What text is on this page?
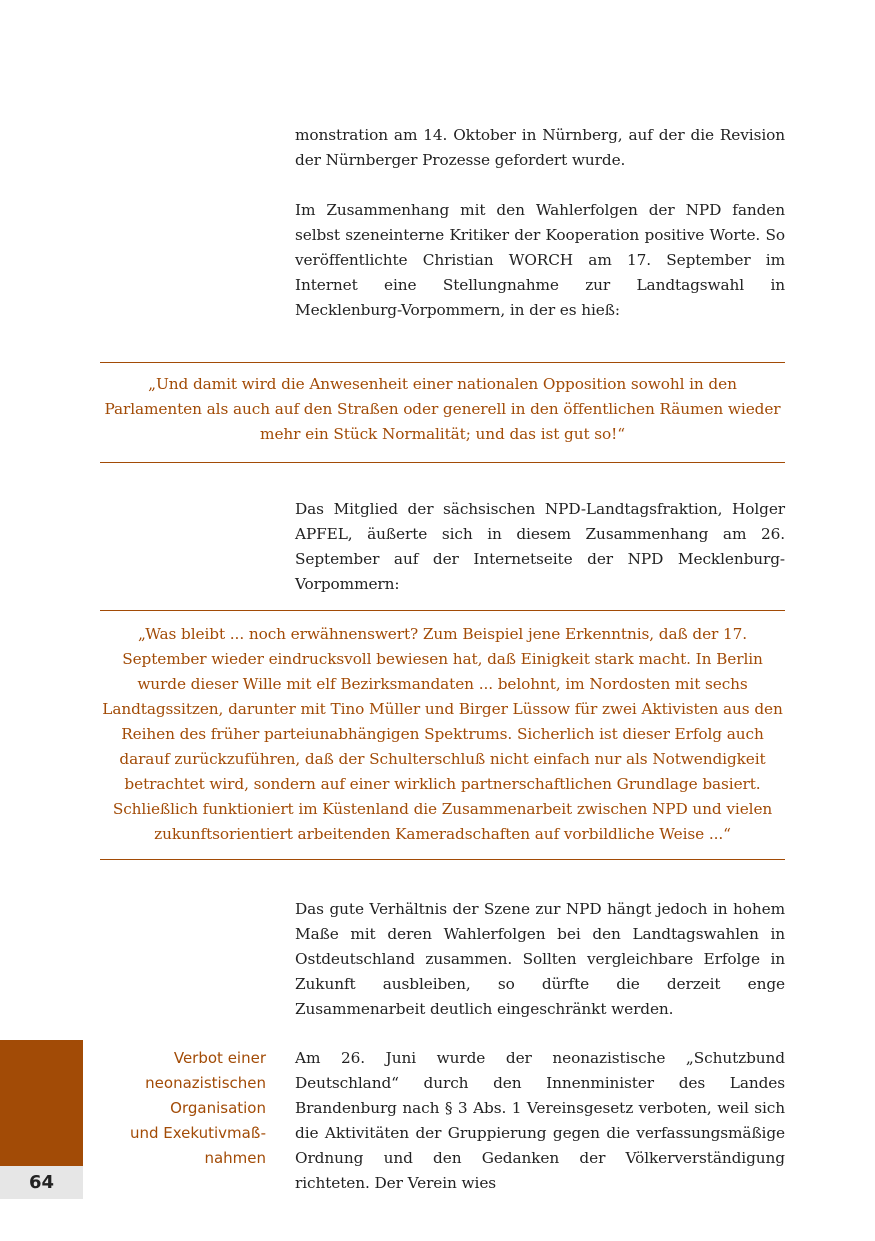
monstration am 14. Oktober in Nürnberg, auf der die Revision der Nürnberger Prozesse gefordert wurde.

Im Zusammenhang mit den Wahlerfolgen der NPD fanden selbst szeneinterne Kritiker der Kooperation positive Worte. So veröffentlichte Christian WORCH am 17. September im Internet eine Stellungnahme zur Landtagswahl in Mecklenburg-Vorpommern, in der es hieß:

„Und damit wird die Anwesenheit einer nationalen Opposition sowohl in den Parlamenten als auch auf den Straßen oder generell in den öffentlichen Räumen wieder mehr ein Stück Normalität; und das ist gut so!“

Das Mitglied der sächsischen NPD-Landtagsfraktion, Holger APFEL, äußerte sich in diesem Zusammenhang am 26. September auf der Internetseite der NPD Mecklenburg-Vorpommern:

„Was bleibt ... noch erwähnenswert? Zum Beispiel jene Erkenntnis, daß der 17. September wieder eindrucksvoll bewiesen hat, daß Einigkeit stark macht. In Berlin wurde dieser Wille mit elf Bezirksmandaten ... belohnt, im Nordosten mit sechs Landtagssitzen, darunter mit Tino Müller und Birger Lüssow für zwei Aktivisten aus den Reihen des früher parteiunabhängigen Spektrums. Sicherlich ist dieser Erfolg auch darauf zurückzuführen, daß der Schulterschluß nicht einfach nur als Notwendigkeit betrachtet wird, sondern auf einer wirklich partnerschaftlichen Grundlage basiert. Schließlich funktioniert im Küstenland die Zusammenarbeit zwischen NPD und vielen zukunftsorientiert arbeitenden Kameradschaften auf vorbildliche Weise ...“

Das gute Verhältnis der Szene zur NPD hängt jedoch in hohem Maße mit deren Wahlerfolgen bei den Landtagswahlen in Ostdeutschland zusammen. Sollten vergleichbare Erfolge in Zukunft ausbleiben, so dürfte die derzeit enge Zusammenarbeit deutlich eingeschränkt werden.

Am 26. Juni wurde der neonazistische „Schutzbund Deutschland“ durch den Innenminister des Landes Brandenburg nach § 3 Abs. 1 Vereinsgesetz verboten, weil sich die Aktivitäten der Gruppierung gegen die verfassungsmäßige Ordnung und den Gedanken der Völkerverständigung richteten. Der Verein wies

Verbot einer
neonazistischen
Organisation
und Exekutivmaß-
nahmen
64
